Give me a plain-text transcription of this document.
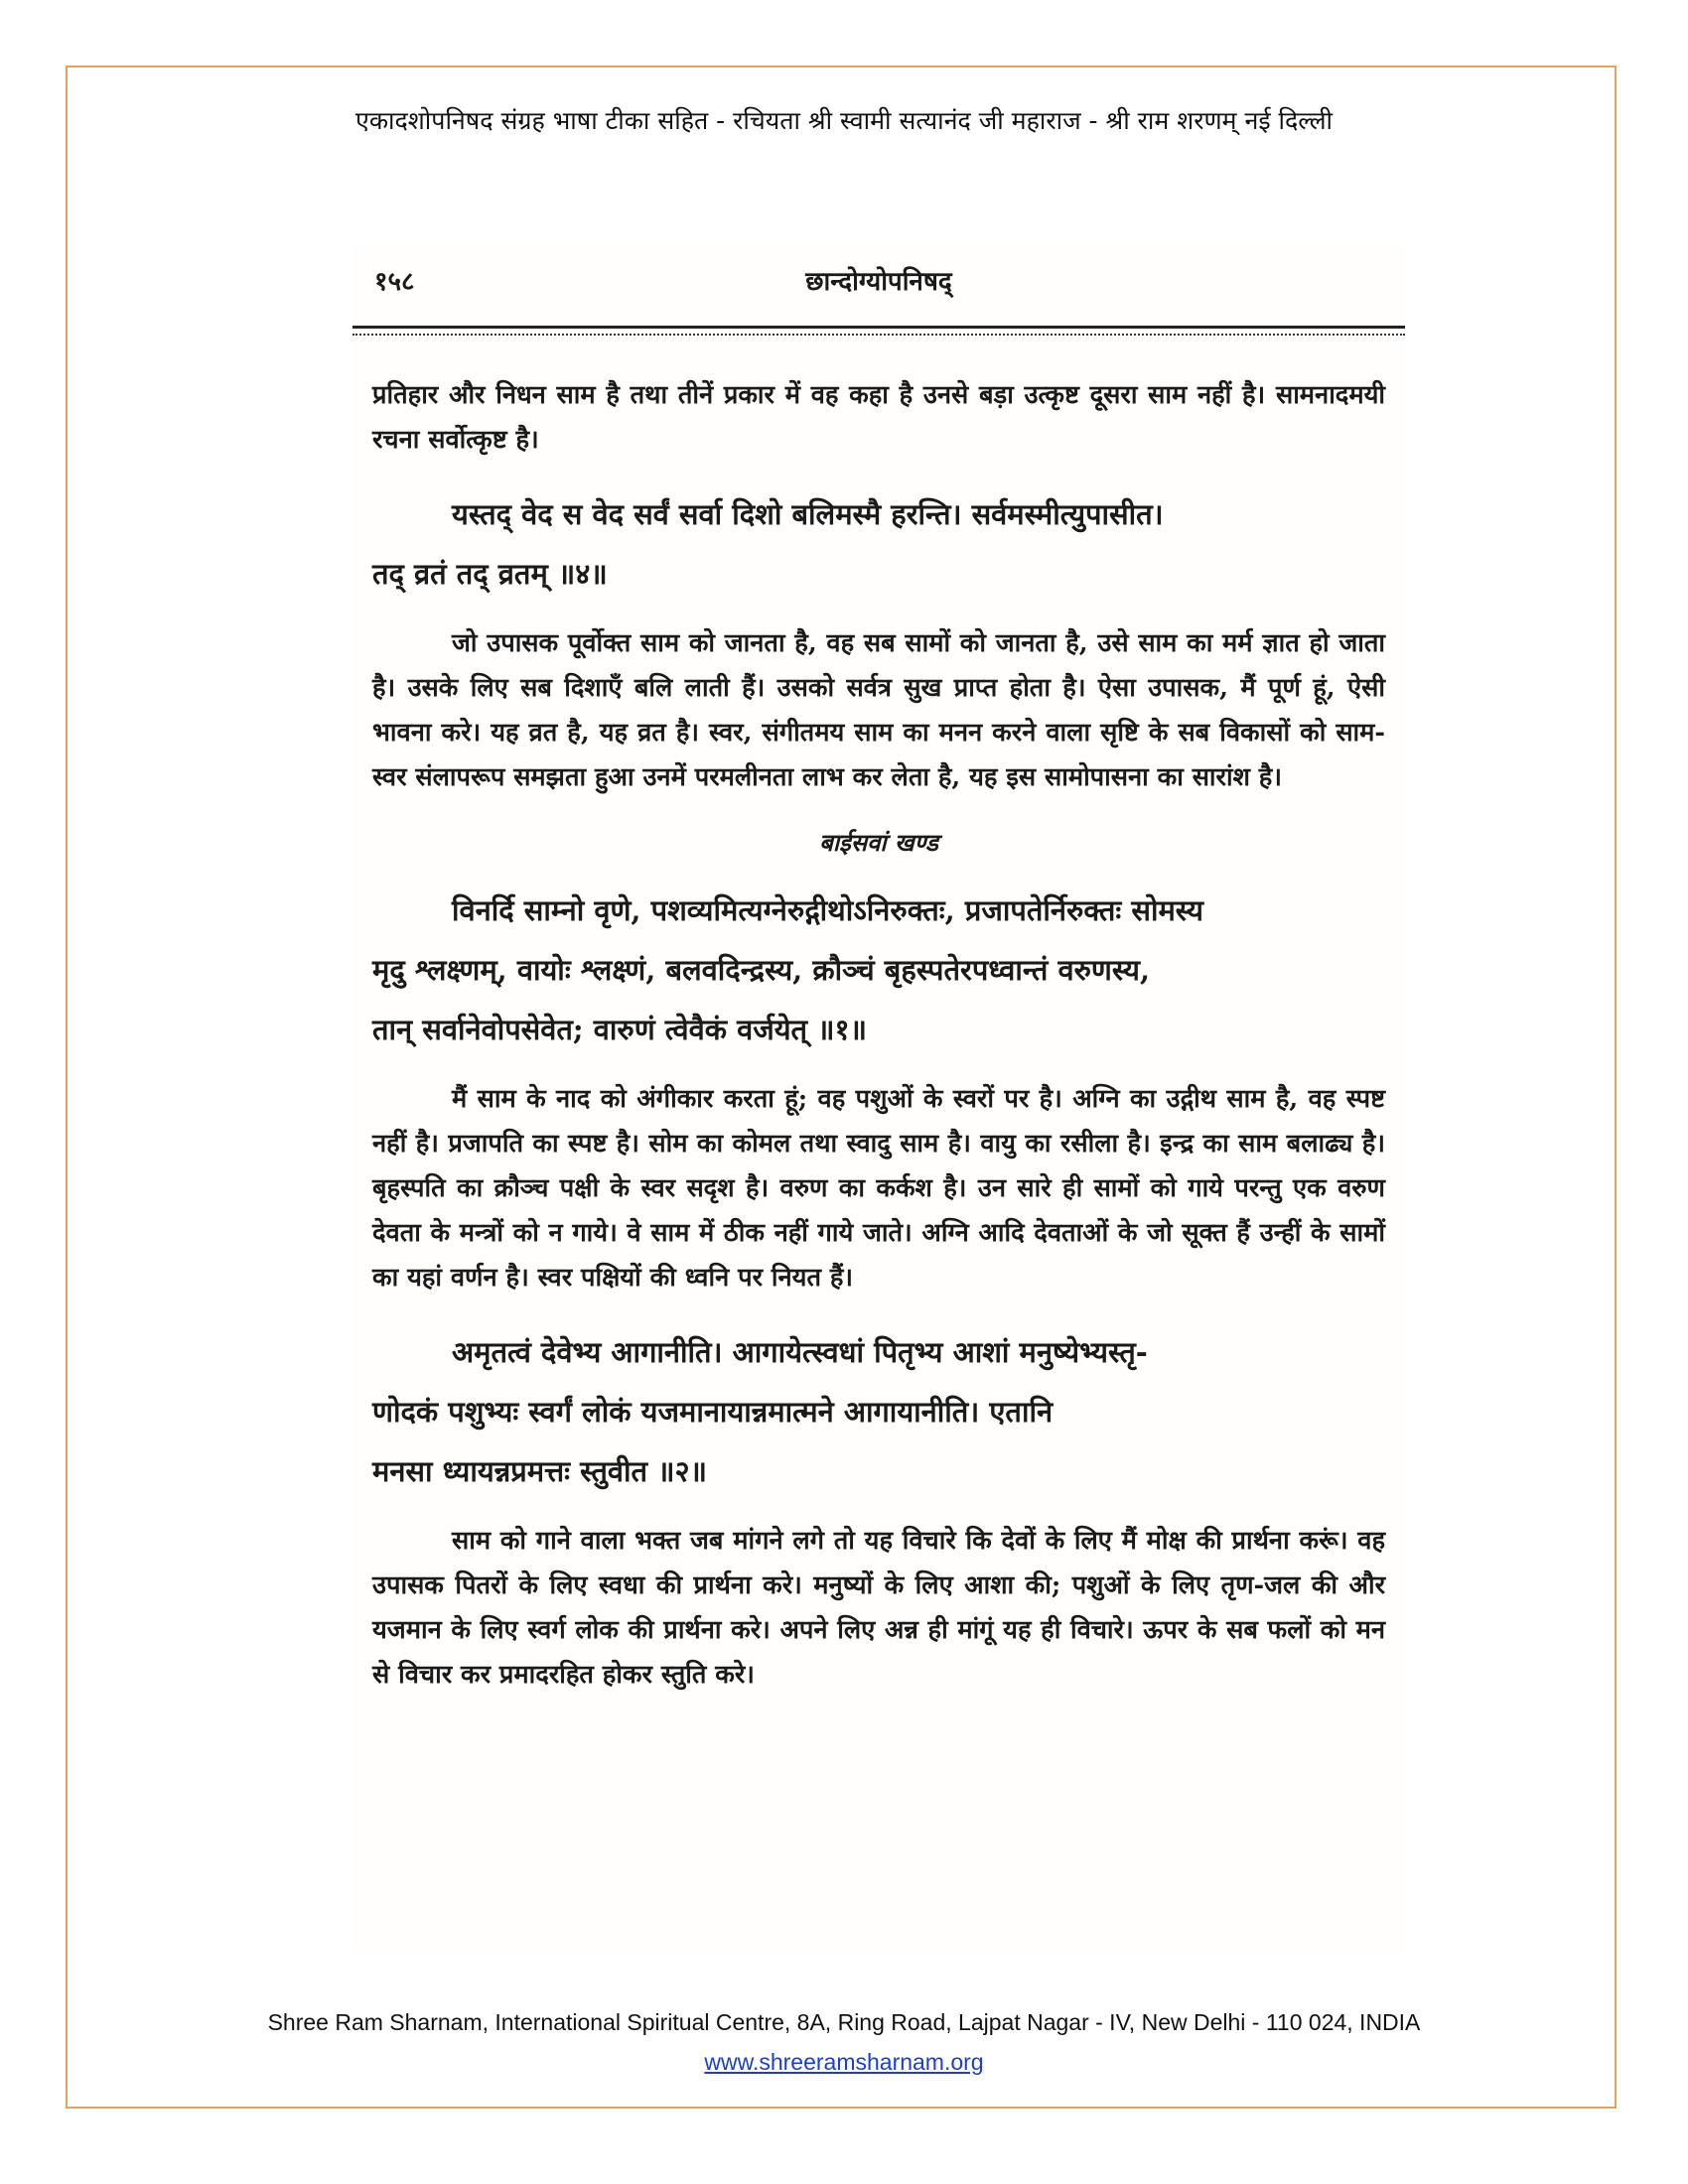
एकादशोपनिषद संग्रह भाषा टीका सहित - रचियता श्री स्वामी सत्यानंद जी महाराज - श्री राम शरणम् नई दिल्ली
१५८	छान्दोग्योपनिषद्

प्रतिहार और निधन साम है तथा तीनें प्रकार में वह कहा है उनसे बड़ा उत्कृष्ट दूसरा साम नहीं है। सामनादमयी रचना सर्वोत्कृष्ट है।

यस्तद् वेद स वेद सर्वं सर्वा दिशो बलिमस्मै हरन्ति। सर्वमस्मीत्युपासीत।
तद् व्रतं तद् व्रतम् ॥४॥

जो उपासक पूर्वोक्त साम को जानता है, वह सब सामों को जानता है, उसे साम का मर्म ज्ञात हो जाता है। उसके लिए सब दिशाएँ बलि लाती हैं। उसको सर्वत्र सुख प्राप्त होता है। ऐसा उपासक, मैं पूर्ण हूं, ऐसी भावना करे। यह व्रत है, यह व्रत है। स्वर, संगीतमय साम का मनन करने वाला सृष्टि के सब विकासों को साम-स्वर संलापरूप समझता हुआ उनमें परमलीनता लाभ कर लेता है, यह इस सामोपासना का सारांश है।

बाईसवां खण्ड
विनर्दि साम्नो वृणे, पशव्यमित्यग्नेरुद्गीथोऽनिरुक्तः, प्रजापतेर्निरुक्तः सोमस्य
मृदु श्लक्ष्णम्, वायोः श्लक्ष्णं, बलवदिन्द्रस्य, क्रौञ्चं बृहस्पतेरपध्वान्तं वरुणस्य,
तान् सर्वानेवोपसेवेत; वारुणं त्वेवैकं वर्जयेत् ॥१॥

मैं साम के नाद को अंगीकार करता हूं; वह पशुओं के स्वरों पर है। अग्नि का उद्गीथ साम है, वह स्पष्ट नहीं है। प्रजापति का स्पष्ट है। सोम का कोमल तथा स्वादु साम है। वायु का रसीला है। इन्द्र का साम बलाढ्य है। बृहस्पति का क्रौञ्च पक्षी के स्वर सदृश है। वरुण का कर्कश है। उन सारे ही सामों को गाये परन्तु एक वरुण देवता के मन्त्रों को न गाये। वे साम में ठीक नहीं गाये जाते। अग्नि आदि देवताओं के जो सूक्त हैं उन्हीं के सामों का यहां वर्णन है। स्वर पक्षियों की ध्वनि पर नियत हैं।

अमृतत्वं देवेभ्य आगानीति। आगायेत्स्वधां पितृभ्य आशां मनुष्येभ्यस्तृ-
णोदकं पशुभ्यः स्वर्गं लोकं यजमानायान्नमात्मने आगायानीति। एतानि
मनसा ध्यायन्नप्रमत्तः स्तुवीत ॥२॥

साम को गाने वाला भक्त जब मांगने लगे तो यह विचारे कि देवों के लिए मैं मोक्ष की प्रार्थना करूं। वह उपासक पितरों के लिए स्वधा की प्रार्थना करे। मनुष्यों के लिए आशा की; पशुओं के लिए तृण-जल की और यजमान के लिए स्वर्ग लोक की प्रार्थना करे। अपने लिए अन्न ही मांगूं यह ही विचारे। ऊपर के सब फलों को मन से विचार कर प्रमादरहित होकर स्तुति करे।

Shree Ram Sharnam, International Spiritual Centre, 8A, Ring Road, Lajpat Nagar - IV, New Delhi - 110 024, INDIA
www.shreeramsharnam.org
